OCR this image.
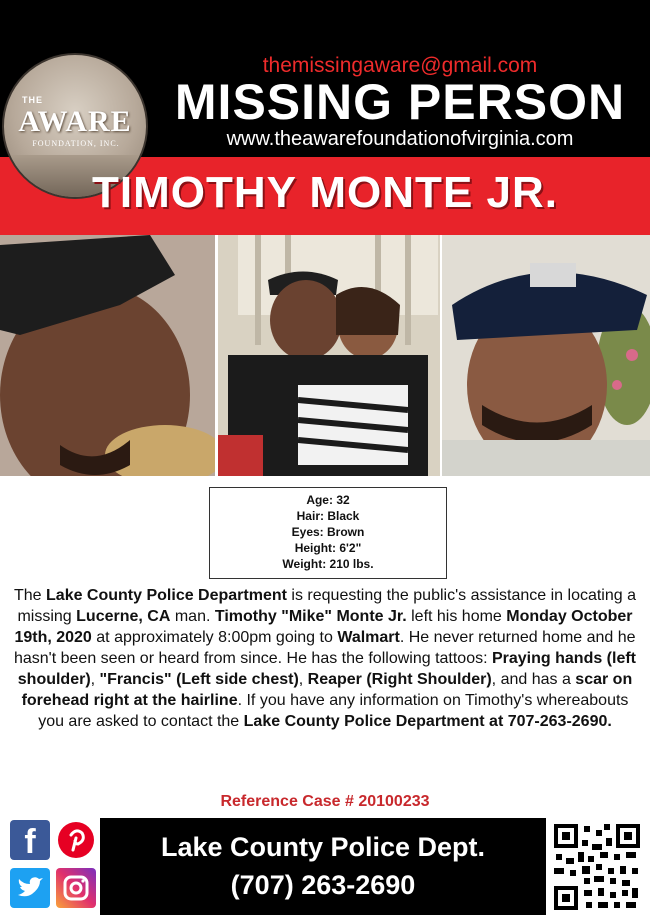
THE
AWARE
FOUNDATION, INC.
themissingaware@gmail.com
MISSING PERSON
www.theawarefoundationofvirginia.com
TIMOTHY MONTE JR.
Age: 32
Hair: Black
Eyes: Brown
Height: 6'2"
Weight: 210 lbs.
The Lake County Police Department is requesting the public's assistance in locating a missing Lucerne, CA man. Timothy "Mike" Monte Jr. left his home Monday October 19th, 2020 at approximately 8:00pm going to Walmart. He never returned home and he hasn't been seen or heard from since. He has the following tattoos: Praying hands (left shoulder), "Francis" (Left side chest), Reaper (Right Shoulder), and has a scar on forehead right at the hairline. If you have any information on Timothy's whereabouts you are asked to contact the Lake County Police Department at 707-263-2690.
Reference Case # 20100233
f	Lake County Police Dept.
(707) 263-2690
